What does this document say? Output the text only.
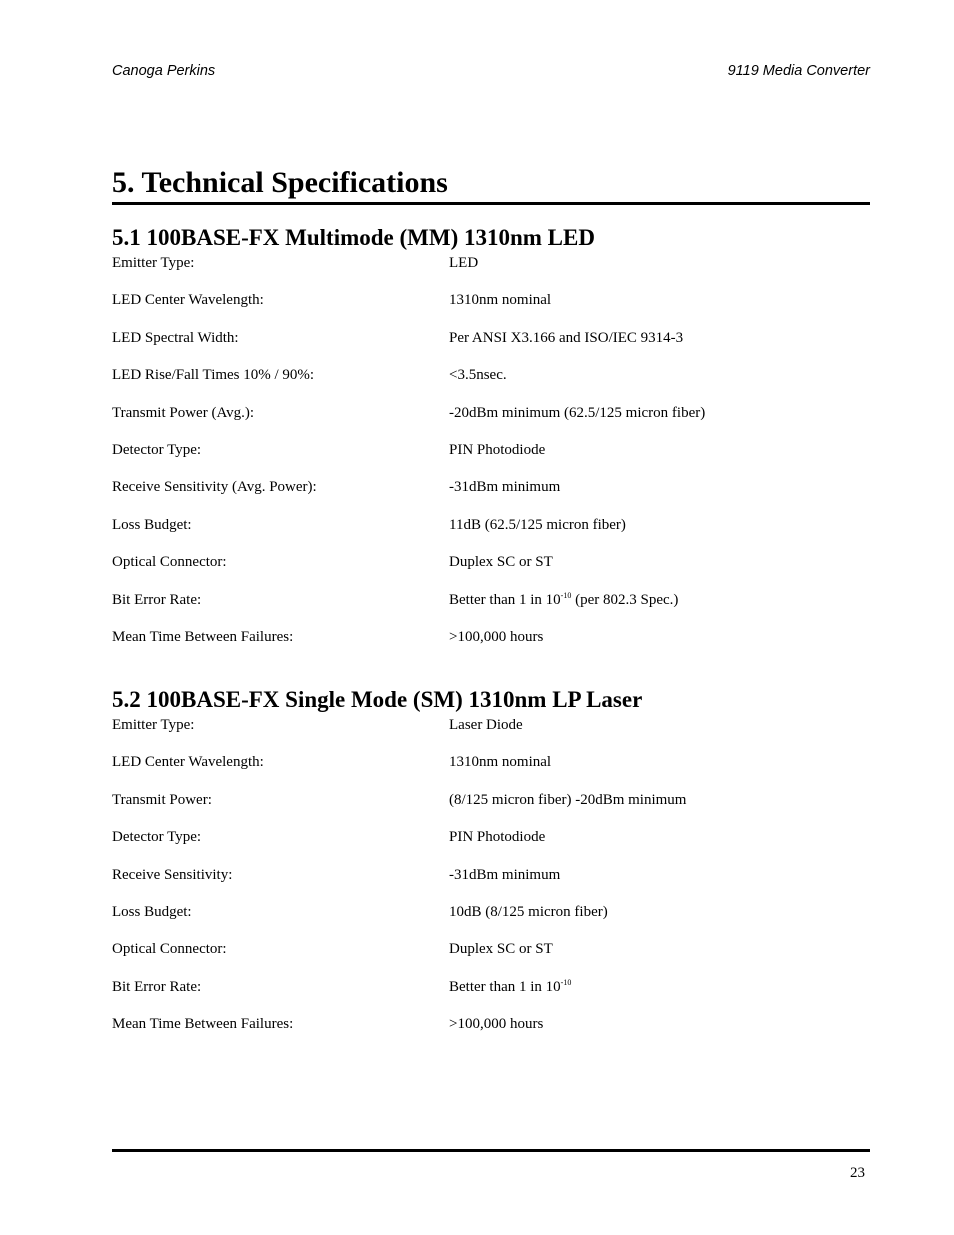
Canoga Perkins	9119 Media Converter
5. Technical Specifications
5.1 100BASE-FX Multimode (MM) 1310nm LED
Emitter Type:	LED
LED Center Wavelength:	1310nm nominal
LED Spectral Width:	Per ANSI X3.166 and ISO/IEC 9314-3
LED Rise/Fall Times 10% / 90%:	<3.5nsec.
Transmit Power (Avg.):	-20dBm minimum (62.5/125 micron fiber)
Detector Type:	PIN Photodiode
Receive Sensitivity (Avg. Power):	-31dBm minimum
Loss Budget:	11dB (62.5/125 micron fiber)
Optical Connector:	Duplex SC or ST
Bit Error Rate:	Better than 1 in $10^{-10}$ (per 802.3 Spec.)
Mean Time Between Failures:	>100,000 hours
5.2 100BASE-FX Single Mode (SM) 1310nm LP Laser
Emitter Type:	Laser Diode
LED Center Wavelength:	1310nm nominal
Transmit Power:	(8/125 micron fiber) -20dBm minimum
Detector Type:	PIN Photodiode
Receive Sensitivity:	-31dBm minimum
Loss Budget:	10dB (8/125 micron fiber)
Optical Connector:	Duplex SC or ST
Bit Error Rate:	Better than 1 in $10^{-10}$
Mean Time Between Failures:	>100,000 hours
23
